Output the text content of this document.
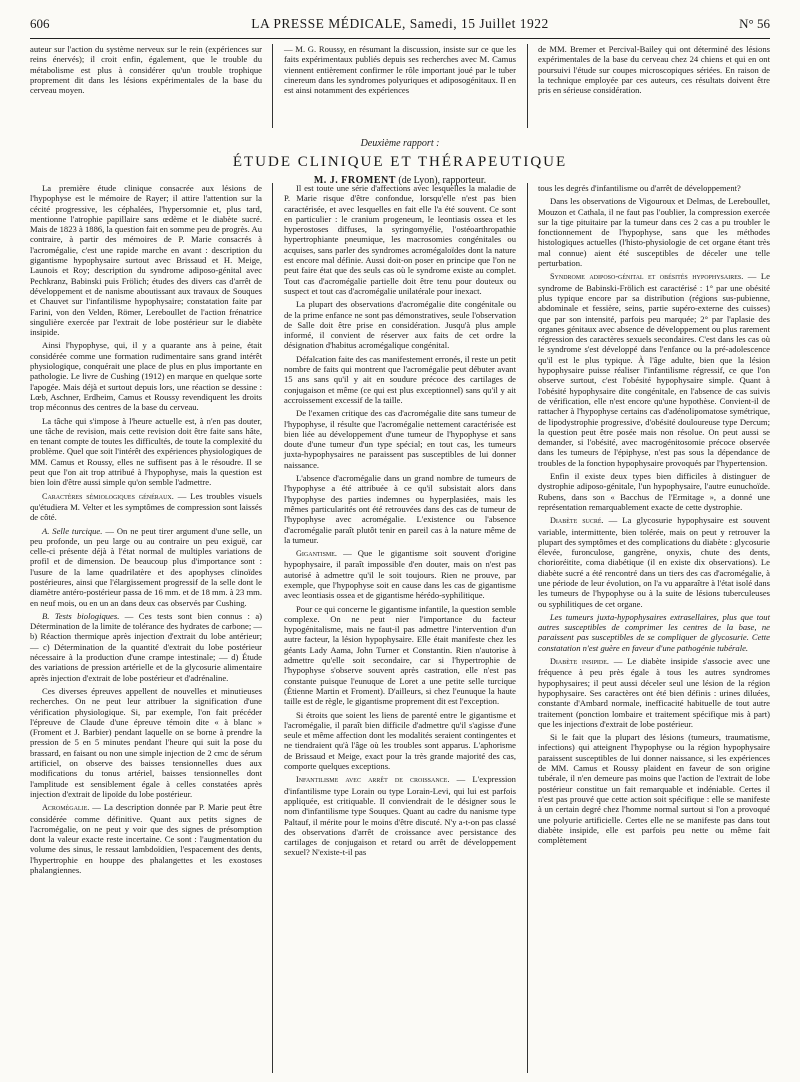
606	LA PRESSE MÉDICALE, Samedi, 15 Juillet 1922	N° 56

auteur sur l'action du système nerveux sur le rein (expériences sur reins énervés); il croit enfin, également, que le trouble du métabolisme est plus à considérer qu'un trouble trophique proprement dit dans les lésions expérimentales de la base du cerveau moyen.

— M. G. Roussy, en résumant la discussion, insiste sur ce que les faits expérimentaux publiés depuis ses recherches avec M. Camus viennent entièrement confirmer le rôle important joué par le tuber cinereum dans les syndromes polyuriques et adiposogénitaux. Il en est ainsi notamment des expériences

de MM. Bremer et Percival-Bailey qui ont déterminé des lésions expérimentales de la base du cerveau chez 24 chiens et qui en ont poursuivi l'étude sur coupes microscopiques sériées. En raison de la technique employée par ces auteurs, ces résultats doivent être pris en sérieuse considération.

Deuxième rapport :
ÉTUDE CLINIQUE ET THÉRAPEUTIQUE
M. J. FROMENT (de Lyon), rapporteur.

La première étude clinique consacrée aux lésions de l'hypophyse est le mémoire de Rayer; il attire l'attention sur la cécité progressive, les céphalées, l'hypersomnie et, plus tard, mentionne l'atrophie papillaire sans œdème et le diabète sucré. Mais de 1823 à 1886, la question fait en somme peu de progrès. Au contraire, à partir des mémoires de P. Marie consacrés à l'acromégalie, c'est une rapide marche en avant : description du gigantisme hypophysaire surtout avec Brissaud et H. Meige, Launois et Roy; description du syndrome adiposo-génital avec Pechkranz, Babinski puis Frölich; études des divers cas d'arrêt de développement et de nanisme aboutissant aux travaux de Souques et Chauvet sur l'infantilisme hypophysaire; constatation faite par Farini, von den Velden, Römer, Lereboullet de l'action frénatrice singulière exercée par l'extrait de lobe postérieur sur le diabète insipide.

Ainsi l'hypophyse, qui, il y a quarante ans à peine, était considérée comme une formation rudimentaire sans grand intérêt physiologique, conquérait une place de plus en plus importante en pathologie. Le livre de Cushing (1912) en marque en quelque sorte l'apogée. Mais déjà et surtout depuis lors, une réaction se dessine : Lœb, Aschner, Erdheim, Camus et Roussy revendiquent les droits trop méconnus des centres de la base du cerveau.

La tâche qui s'impose à l'heure actuelle est, à n'en pas douter, une tâche de revision, mais cette revision doit être faite sans hâte, en tenant compte de toutes les difficultés, de toute la complexité du problème. Quel que soit l'intérêt des expériences physiologiques de MM. Camus et Roussy, elles ne suffisent pas à le résoudre. Il se peut que l'on ait trop attribué à l'hypophyse, mais la question est bien loin d'être aussi simple qu'on semble l'admettre.

Caractères sémiologiques généraux. — Les troubles visuels qu'étudiera M. Velter et les symptômes de compression sont laissés de côté.

A. Selle turcique. — On ne peut tirer argument d'une selle, un peu profonde, un peu large ou au contraire un peu exiguë, car celle-ci présente déjà à l'état normal de multiples variations de profil et de dimension. De beaucoup plus d'importance sont : l'usure de la lame quadrilatère et des apophyses clinoïdes postérieures, ainsi que l'élargissement progressif de la selle dont le diamètre antéro-postérieur passa de 16 mm. et de 18 mm. à 23 mm. en neuf mois, ou en un an dans deux cas observés par Cushing.

B. Tests biologiques. — Ces tests sont bien connus : a) Détermination de la limite de tolérance des hydrates de carbone; — b) Réaction thermique après injection d'extrait du lobe antérieur; — c) Détermination de la quantité d'extrait du lobe postérieur nécessaire à la production d'une crampe intestinale; — d) Étude des variations de pression artérielle et de la glycosurie alimentaire après injection d'extrait de lobe postérieur et d'adrénaline.

Ces diverses épreuves appellent de nouvelles et minutieuses recherches. On ne peut leur attribuer la signification d'une vérification physiologique. Si, par exemple, l'on fait précéder l'épreuve de Claude d'une épreuve témoin dite « à blanc » (Froment et J. Barbier) pendant laquelle on se borne à prendre la pression de 5 en 5 minutes pendant l'heure qui suit la pose du brassard, en faisant ou non une simple injection de 2 cmc de sérum artificiel, on observe des baisses tensionnelles dues aux modifications du tonus artériel, baisses tensionnelles dont l'amplitude est sensiblement égale à celles constatées après injection d'extrait de lipoïde du lobe postérieur.

Acromégalie. — La description donnée par P. Marie peut être considérée comme définitive. Quant aux petits signes de l'acromégalie, on ne peut y voir que des signes de présomption dont la valeur exacte reste incertaine. Ce sont : l'augmentation du volume des sinus, le ressaut lambdoïdien, l'espacement des dents, l'hypertrophie en houppe des phalangettes et les exostoses phalangiennes.

Il est toute une série d'affections avec lesquelles la maladie de P. Marie risque d'être confondue, lorsqu'elle n'est pas bien caractérisée, et avec lesquelles en fait elle l'a été souvent. Ce sont en particulier : le cranium progeneum, le leontiasis ossea et les hyperostoses diffuses, la syringomyélie, l'ostéoarthropathie hypertrophiante pneumique, les macrosomies congénitales ou acquises, sans parler des syndromes acromégaloïdes dont la nature est encore mal définie. Aussi doit-on poser en principe que l'on ne peut faire état que des seuls cas où le syndrome existe au complet. Tout cas d'acromégalie partielle doit être tenu pour douteux ou suspect et tout cas d'acromégalie unilatérale pour inexact.

La plupart des observations d'acromégalie dite congénitale ou de la prime enfance ne sont pas démonstratives, seule l'observation de Salle doit être prise en considération. Jusqu'à plus ample informé, il convient de réserver aux faits de cet ordre la désignation d'habitus acromégalique congénital.

Défalcation faite des cas manifestement erronés, il reste un petit nombre de faits qui montrent que l'acromégalie peut débuter avant 15 ans sans qu'il y ait en soudure précoce des cartilages de conjugaison et même (ce qui est plus exceptionnel) sans qu'il y ait accroissement excessif de la taille.

De l'examen critique des cas d'acromégalie dite sans tumeur de l'hypophyse, il résulte que l'acromégalie nettement caractérisée est bien liée au développement d'une tumeur de l'hypophyse et sans doute d'une tumeur d'un type spécial; en tout cas, les tumeurs juxta-hypophysaires ne paraissent pas susceptibles de lui donner naissance.

L'absence d'acromégalie dans un grand nombre de tumeurs de l'hypophyse a été attribuée à ce qu'il subsistait alors dans l'hypophyse des parties indemnes ou hyperplasiées, mais les mêmes particularités ont été retrouvées dans des cas de tumeur de l'hypophyse avec acromégalie. L'existence ou l'absence d'acromégalie paraît plutôt tenir en pareil cas à la nature même de la tumeur.

Gigantisme. — Que le gigantisme soit souvent d'origine hypophysaire, il paraît impossible d'en douter, mais on n'est pas autorisé à admettre qu'il le soit toujours. Rien ne prouve, par exemple, que l'hypophyse soit en cause dans les cas de gigantisme avec leontiasis ossea et de gigantisme hérédo-syphilitique.

Pour ce qui concerne le gigantisme infantile, la question semble complexe. On ne peut nier l'importance du facteur hypogénitalisme, mais ne faut-il pas admettre l'intervention d'un autre facteur, la lésion hypophysaire. Elle était manifeste chez les géants Lady Aama, John Turner et Constantin. Rien n'autorise à admettre qu'elle soit secondaire, car si l'hypertrophie de l'hypophyse s'observe souvent après castration, elle n'est pas constante puisque l'eunuque de Loret a une petite selle turcique (Étienne Martin et Froment). D'ailleurs, si chez l'eunuque la haute taille est de règle, le gigantisme proprement dit est l'exception.

Si étroits que soient les liens de parenté entre le gigantisme et l'acromégalie, il paraît bien difficile d'admettre qu'il s'agisse d'une seule et même affection dont les modalités seraient contingentes et ne tiendraient qu'à l'âge où les troubles sont apparus. L'aphorisme de Brissaud et Meige, exact pour la très grande majorité des cas, comporte quelques exceptions.

Infantilisme avec arrêt de croissance. — L'expression d'infantilisme type Lorain ou type Lorain-Levi, qui lui est parfois appliquée, est critiquable. Il conviendrait de le désigner sous le nom d'infantilisme type Souques. Quant au cadre du nanisme type Paltauf, il mérite pour le moins d'être discuté. N'y a-t-on pas classé des observations d'arrêt de croissance avec persistance des cartilages de conjugaison et retard ou arrêt de développement sexuel? N'existe-t-il pas

tous les degrés d'infantilisme ou d'arrêt de développement?

Dans les observations de Vigouroux et Delmas, de Lereboullet, Mouzon et Cathala, il ne faut pas l'oublier, la compression exercée sur la tige pituitaire par la tumeur dans ces 2 cas a pu troubler le fonctionnement de l'hypophyse, sans que les méthodes histologiques actuelles (l'histo-physiologie de cet organe étant très mal connue) aient été susceptibles de déceler une telle perturbation.

Syndrome adiposo-génital et obésités hypophysaires. — Le syndrome de Babinski-Frölich est caractérisé : 1° par une obésité plus typique encore par sa distribution (régions sus-pubienne, abdominale et fessière, seins, partie supéro-externe des cuisses) que par son intensité, parfois peu marquée; 2° par l'aplasie des organes génitaux avec absence de développement ou plus rarement régression des caractères sexuels secondaires. C'est dans les cas où le syndrome s'est développé dans l'enfance ou la pré-adolescence qu'il est le plus typique. À l'âge adulte, bien que la lésion hypophysaire puisse réaliser l'infantilisme régressif, ce que l'on observe surtout, c'est l'obésité hypophysaire simple. Quant à l'obésité hypophysaire dite congénitale, en l'absence de cas suivis de vérification, elle n'est encore qu'une hypothèse. Convient-il de rattacher à l'hypophyse certains cas d'adénolipomatose symétrique, de lipodystrophie progressive, d'obésité douloureuse type Dercum; la question peut être posée mais non résolue. On peut aussi se demander, si l'obésité, avec macrogénitosomie précoce observée dans les tumeurs de l'épiphyse, n'est pas sous la dépendance de troubles de la fonction hypophysaire provoqués par l'hypertension.

Enfin il existe deux types bien difficiles à distinguer de dystrophie adiposo-génitale, l'un hypophysaire, l'autre eunuchoïde. Rubens, dans son « Bacchus de l'Ermitage », a donné une représentation remarquablement exacte de cette dystrophie.

Diabète sucré. — La glycosurie hypophysaire est souvent variable, intermittente, bien tolérée, mais on peut y retrouver la plupart des symptômes et des complications du diabète : glycosurie élevée, furonculose, gangrène, onyxis, chute des dents, chorioréitite, coma diabétique (il en existe dix observations). Le diabète sucré a été rencontré dans un tiers des cas d'acromégalie, à une période de leur évolution, on l'a vu apparaître à l'état isolé dans les tumeurs de l'hypophyse ou à la suite de lésions tuberculeuses ou syphilitiques de cet organe.

Les tumeurs juxta-hypophysaires extrasellaires, plus que tout autres susceptibles de comprimer les centres de la base, ne paraissent pas susceptibles de se compliquer de glycosurie. Cette constatation n'est guère en faveur d'une pathogénie tubérale.

Diabète insipide. — Le diabète insipide s'associe avec une fréquence à peu près égale à tous les autres syndromes hypophysaires; il peut aussi déceler seul une lésion de la région hypophysaire. Ses caractères ont été bien définis : urines diluées, constante d'Ambard normale, inefficacité habituelle de tout autre traitement (ponction lombaire et traitement spécifique mis à part) que les injections d'extrait de lobe postérieur.

Si le fait que la plupart des lésions (tumeurs, traumatisme, infections) qui atteignent l'hypophyse ou la région hypophysaire paraissent susceptibles de lui donner naissance, si les expériences de MM. Camus et Roussy plaident en faveur de son origine tubérale, il n'en demeure pas moins que l'action de l'extrait de lobe postérieur constitue un fait remarquable et indéniable. Certes il n'est pas prouvé que cette action soit spécifique : elle se manifeste à un certain degré chez l'homme normal surtout si l'on a provoqué une polyurie artificielle. Certes elle ne se manifeste pas dans tout diabète insipide, elle est parfois peu nette ou même fait complètement
